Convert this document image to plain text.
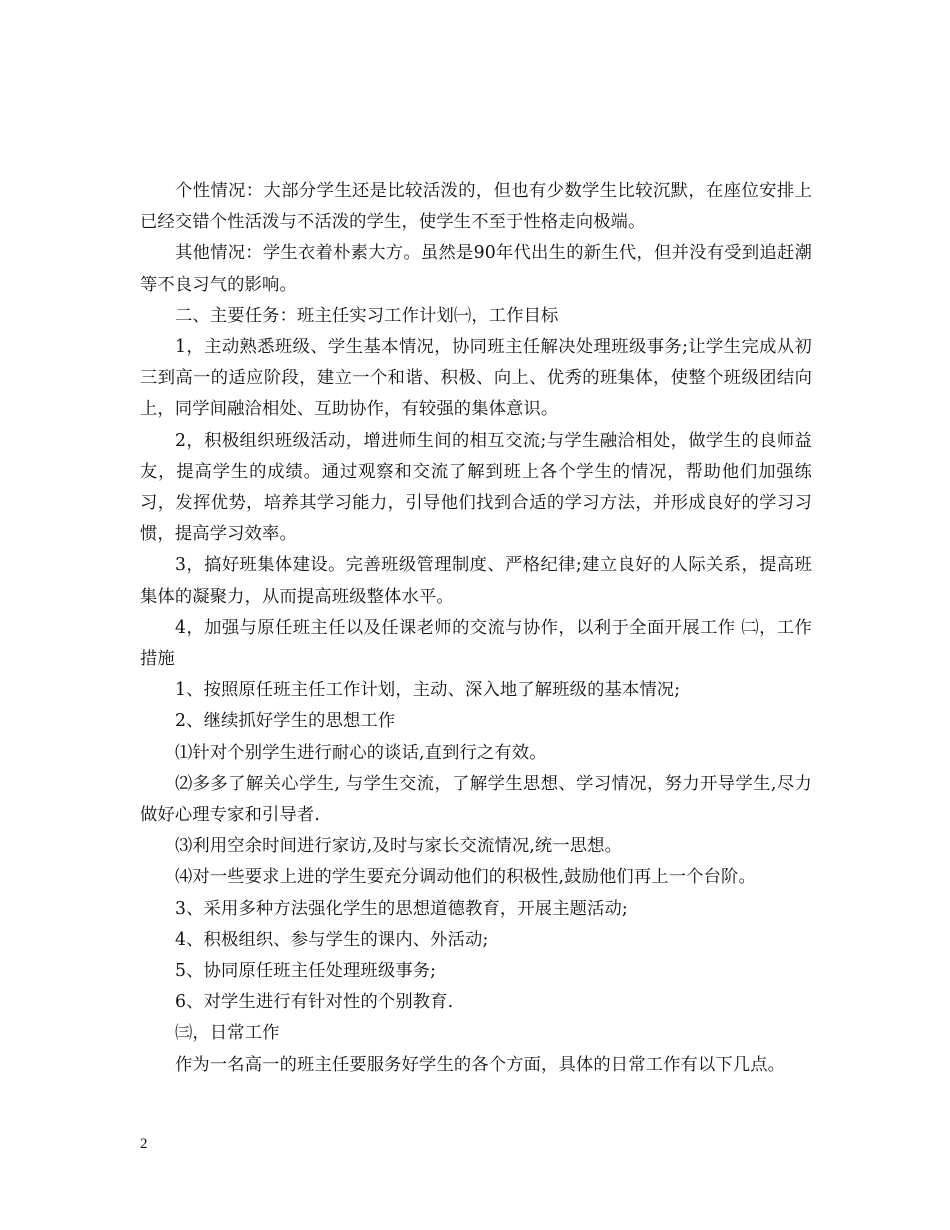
个性情况：大部分学生还是比较活泼的，但也有少数学生比较沉默，在座位安排上已经交错个性活泼与不活泼的学生，使学生不至于性格走向极端。

其他情况：学生衣着朴素大方。虽然是90年代出生的新生代，但并没有受到追赶潮等不良习气的影响。

二、主要任务：班主任实习工作计划㈠，工作目标

1，主动熟悉班级、学生基本情况，协同班主任解决处理班级事务;让学生完成从初三到高一的适应阶段，建立一个和谐、积极、向上、优秀的班集体，使整个班级团结向上，同学间融洽相处、互助协作，有较强的集体意识。

2，积极组织班级活动，增进师生间的相互交流;与学生融洽相处，做学生的良师益友，提高学生的成绩。通过观察和交流了解到班上各个学生的情况，帮助他们加强练习，发挥优势，培养其学习能力，引导他们找到合适的学习方法，并形成良好的学习习惯，提高学习效率。

3，搞好班集体建设。完善班级管理制度、严格纪律;建立良好的人际关系，提高班集体的凝聚力，从而提高班级整体水平。

4，加强与原任班主任以及任课老师的交流与协作，以利于全面开展工作 ㈡，工作措施

1、按照原任班主任工作计划，主动、深入地了解班级的基本情况;

2、继续抓好学生的思想工作

⑴针对个别学生进行耐心的谈话,直到行之有效。

⑵多多了解关心学生, 与学生交流，了解学生思想、学习情况，努力开导学生,尽力 做好心理专家和引导者.

⑶利用空余时间进行家访,及时与家长交流情况,统一思想。

⑷对一些要求上进的学生要充分调动他们的积极性,鼓励他们再上一个台阶。

3、采用多种方法强化学生的思想道德教育，开展主题活动;

4、积极组织、参与学生的课内、外活动;

5、协同原任班主任处理班级事务;

6、对学生进行有针对性的个别教育.

㈢，日常工作

作为一名高一的班主任要服务好学生的各个方面，具体的日常工作有以下几点。

2
